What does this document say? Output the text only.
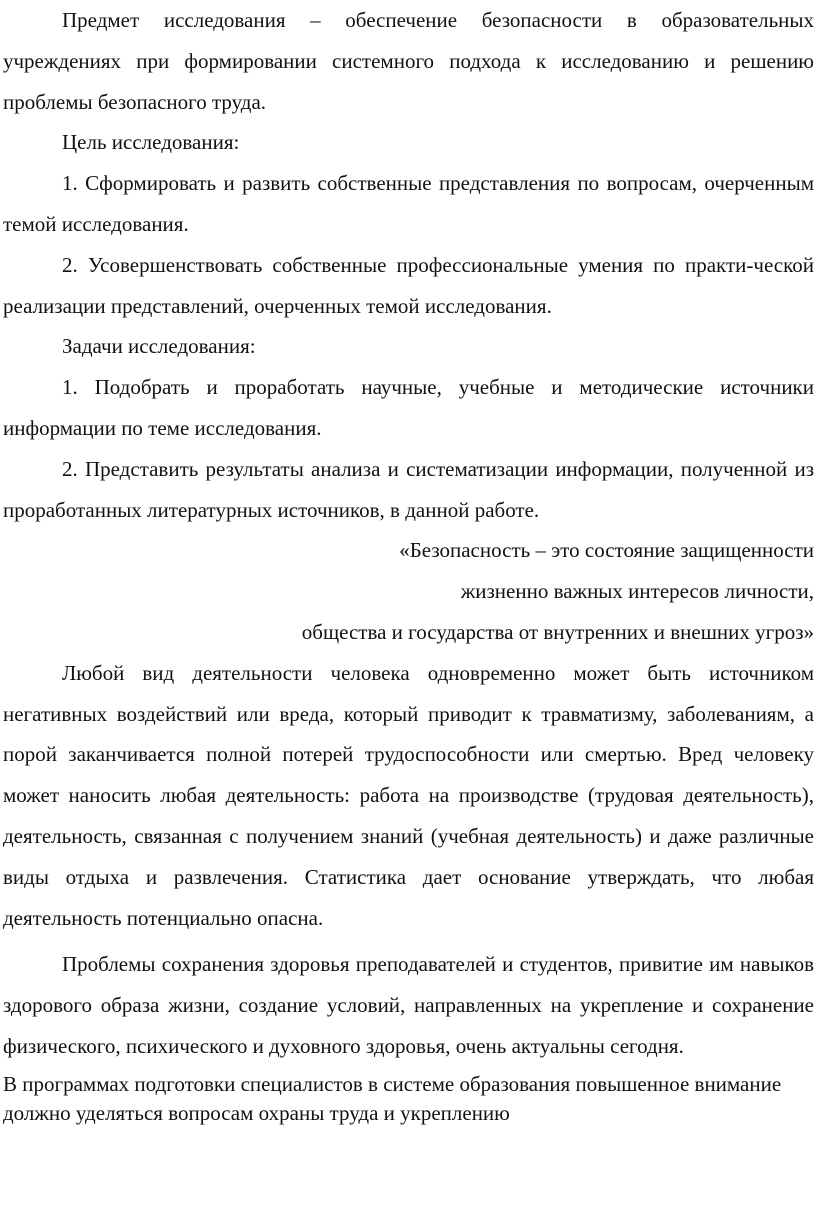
Предмет исследования – обеспечение безопасности в образовательных учреждениях при формировании системного подхода к исследованию и решению проблемы безопасного труда.

Цель исследования:

1. Сформировать и развить собственные представления по вопросам, очерченным темой исследования.

2. Усовершенствовать собственные профессиональные умения по практи-ческой реализации представлений, очерченных темой исследования.

Задачи исследования:

1. Подобрать и проработать научные, учебные и методические источники информации по теме исследования.

2. Представить результаты анализа и систематизации информации, полученной из проработанных литературных источников, в данной работе.

«Безопасность – это состояние защищенности

жизненно важных интересов личности,

общества и государства от внутренних и внешних угроз»

Любой вид деятельности человека одновременно может быть источником негативных воздействий или вреда, который приводит к травматизму, заболеваниям, а порой заканчивается полной потерей трудоспособности или смертью. Вред человеку может наносить любая деятельность: работа на производстве (трудовая деятельность), деятельность, связанная с получением знаний (учебная деятельность) и даже различные виды отдыха и развлечения. Статистика дает основание утверждать, что любая деятельность потенциально опасна.

Проблемы сохранения здоровья преподавателей и студентов, привитие им навыков здорового образа жизни, создание условий, направленных на укрепление и сохранение физического, психического и духовного здоровья, очень актуальны сегодня.

В программах подготовки специалистов в системе образования повышенное внимание должно уделяться вопросам охраны труда и укреплению
